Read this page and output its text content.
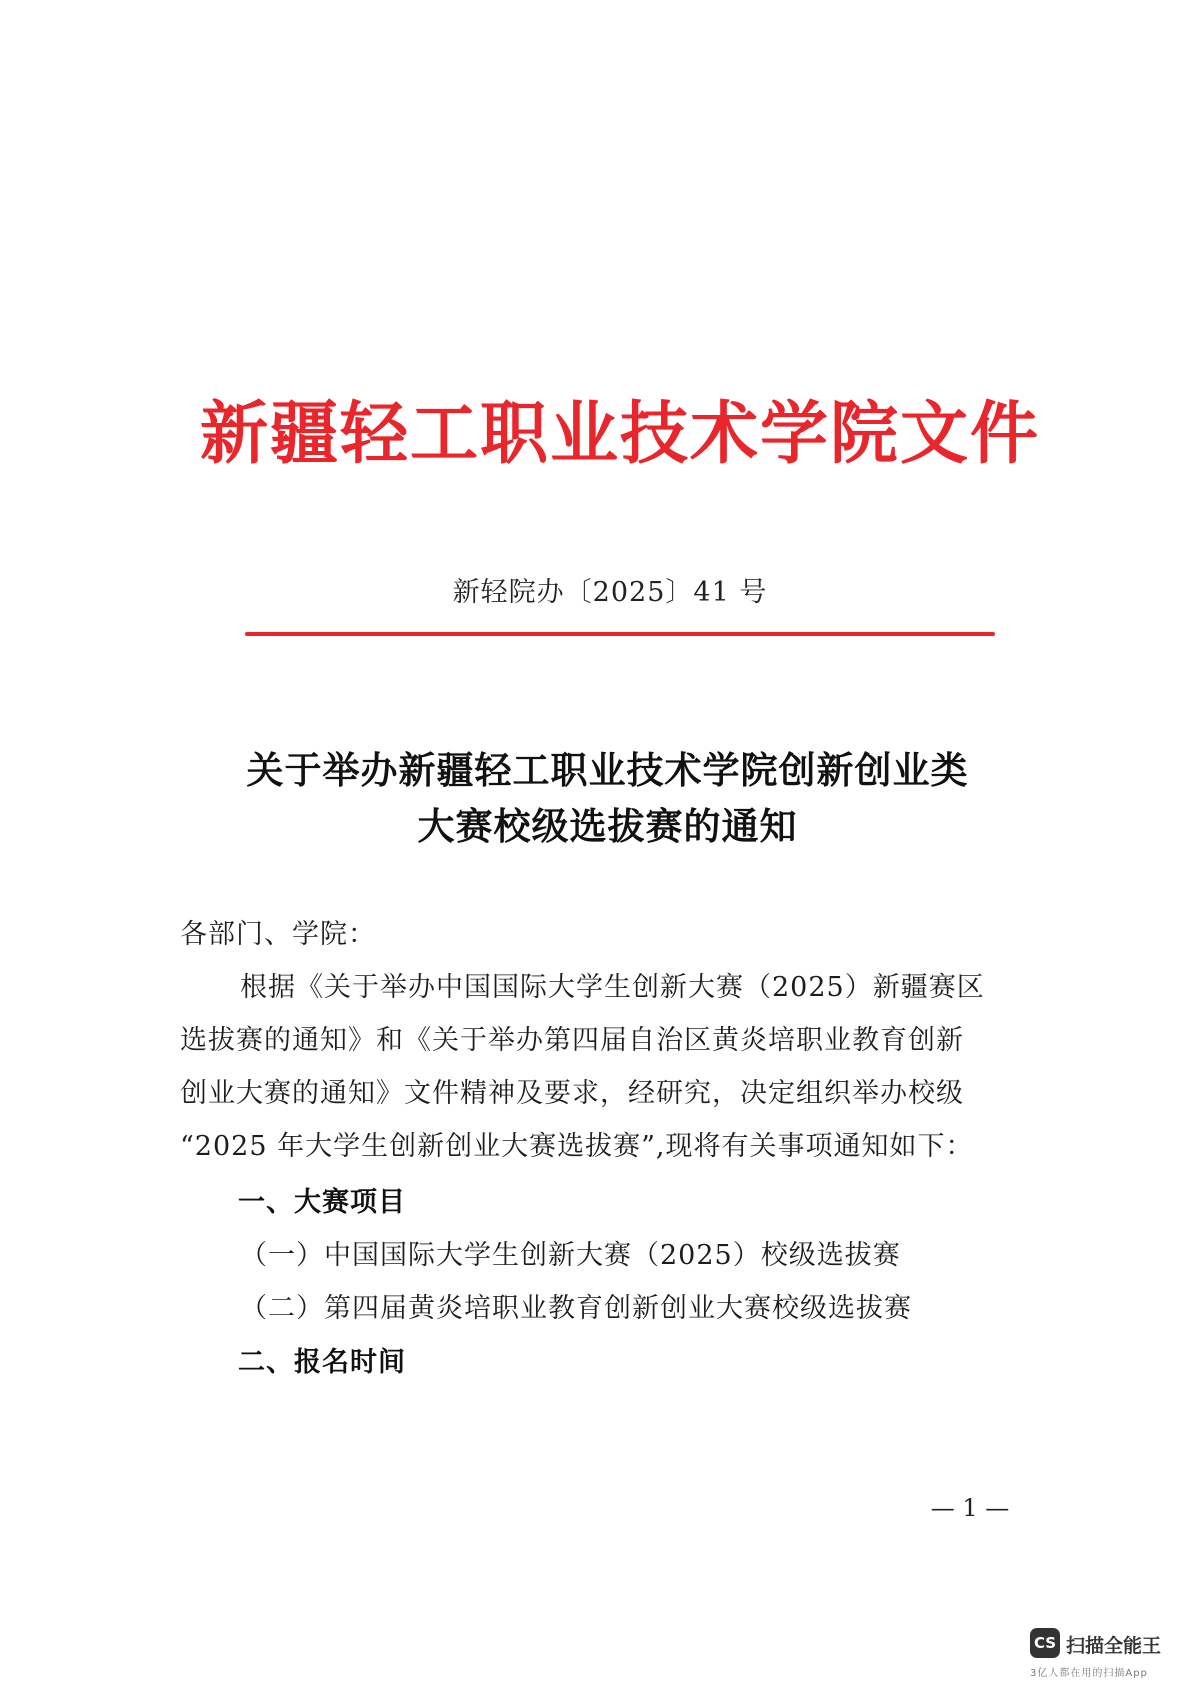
新疆轻工职业技术学院文件
新轻院办〔2025〕41 号
关于举办新疆轻工职业技术学院创新创业类
大赛校级选拔赛的通知
各部门、学院：
根据《关于举办中国国际大学生创新大赛（2025）新疆赛区
选拔赛的通知》和《关于举办第四届自治区黄炎培职业教育创新
创业大赛的通知》文件精神及要求，经研究，决定组织举办校级
“2025 年大学生创新创业大赛选拔赛”,现将有关事项通知如下：
一、大赛项目
（一）中国国际大学生创新大赛（2025）校级选拔赛
（二）第四届黄炎培职业教育创新创业大赛校级选拔赛
二、报名时间
— 1 —
CS 扫描全能王
3亿人都在用的扫描App
